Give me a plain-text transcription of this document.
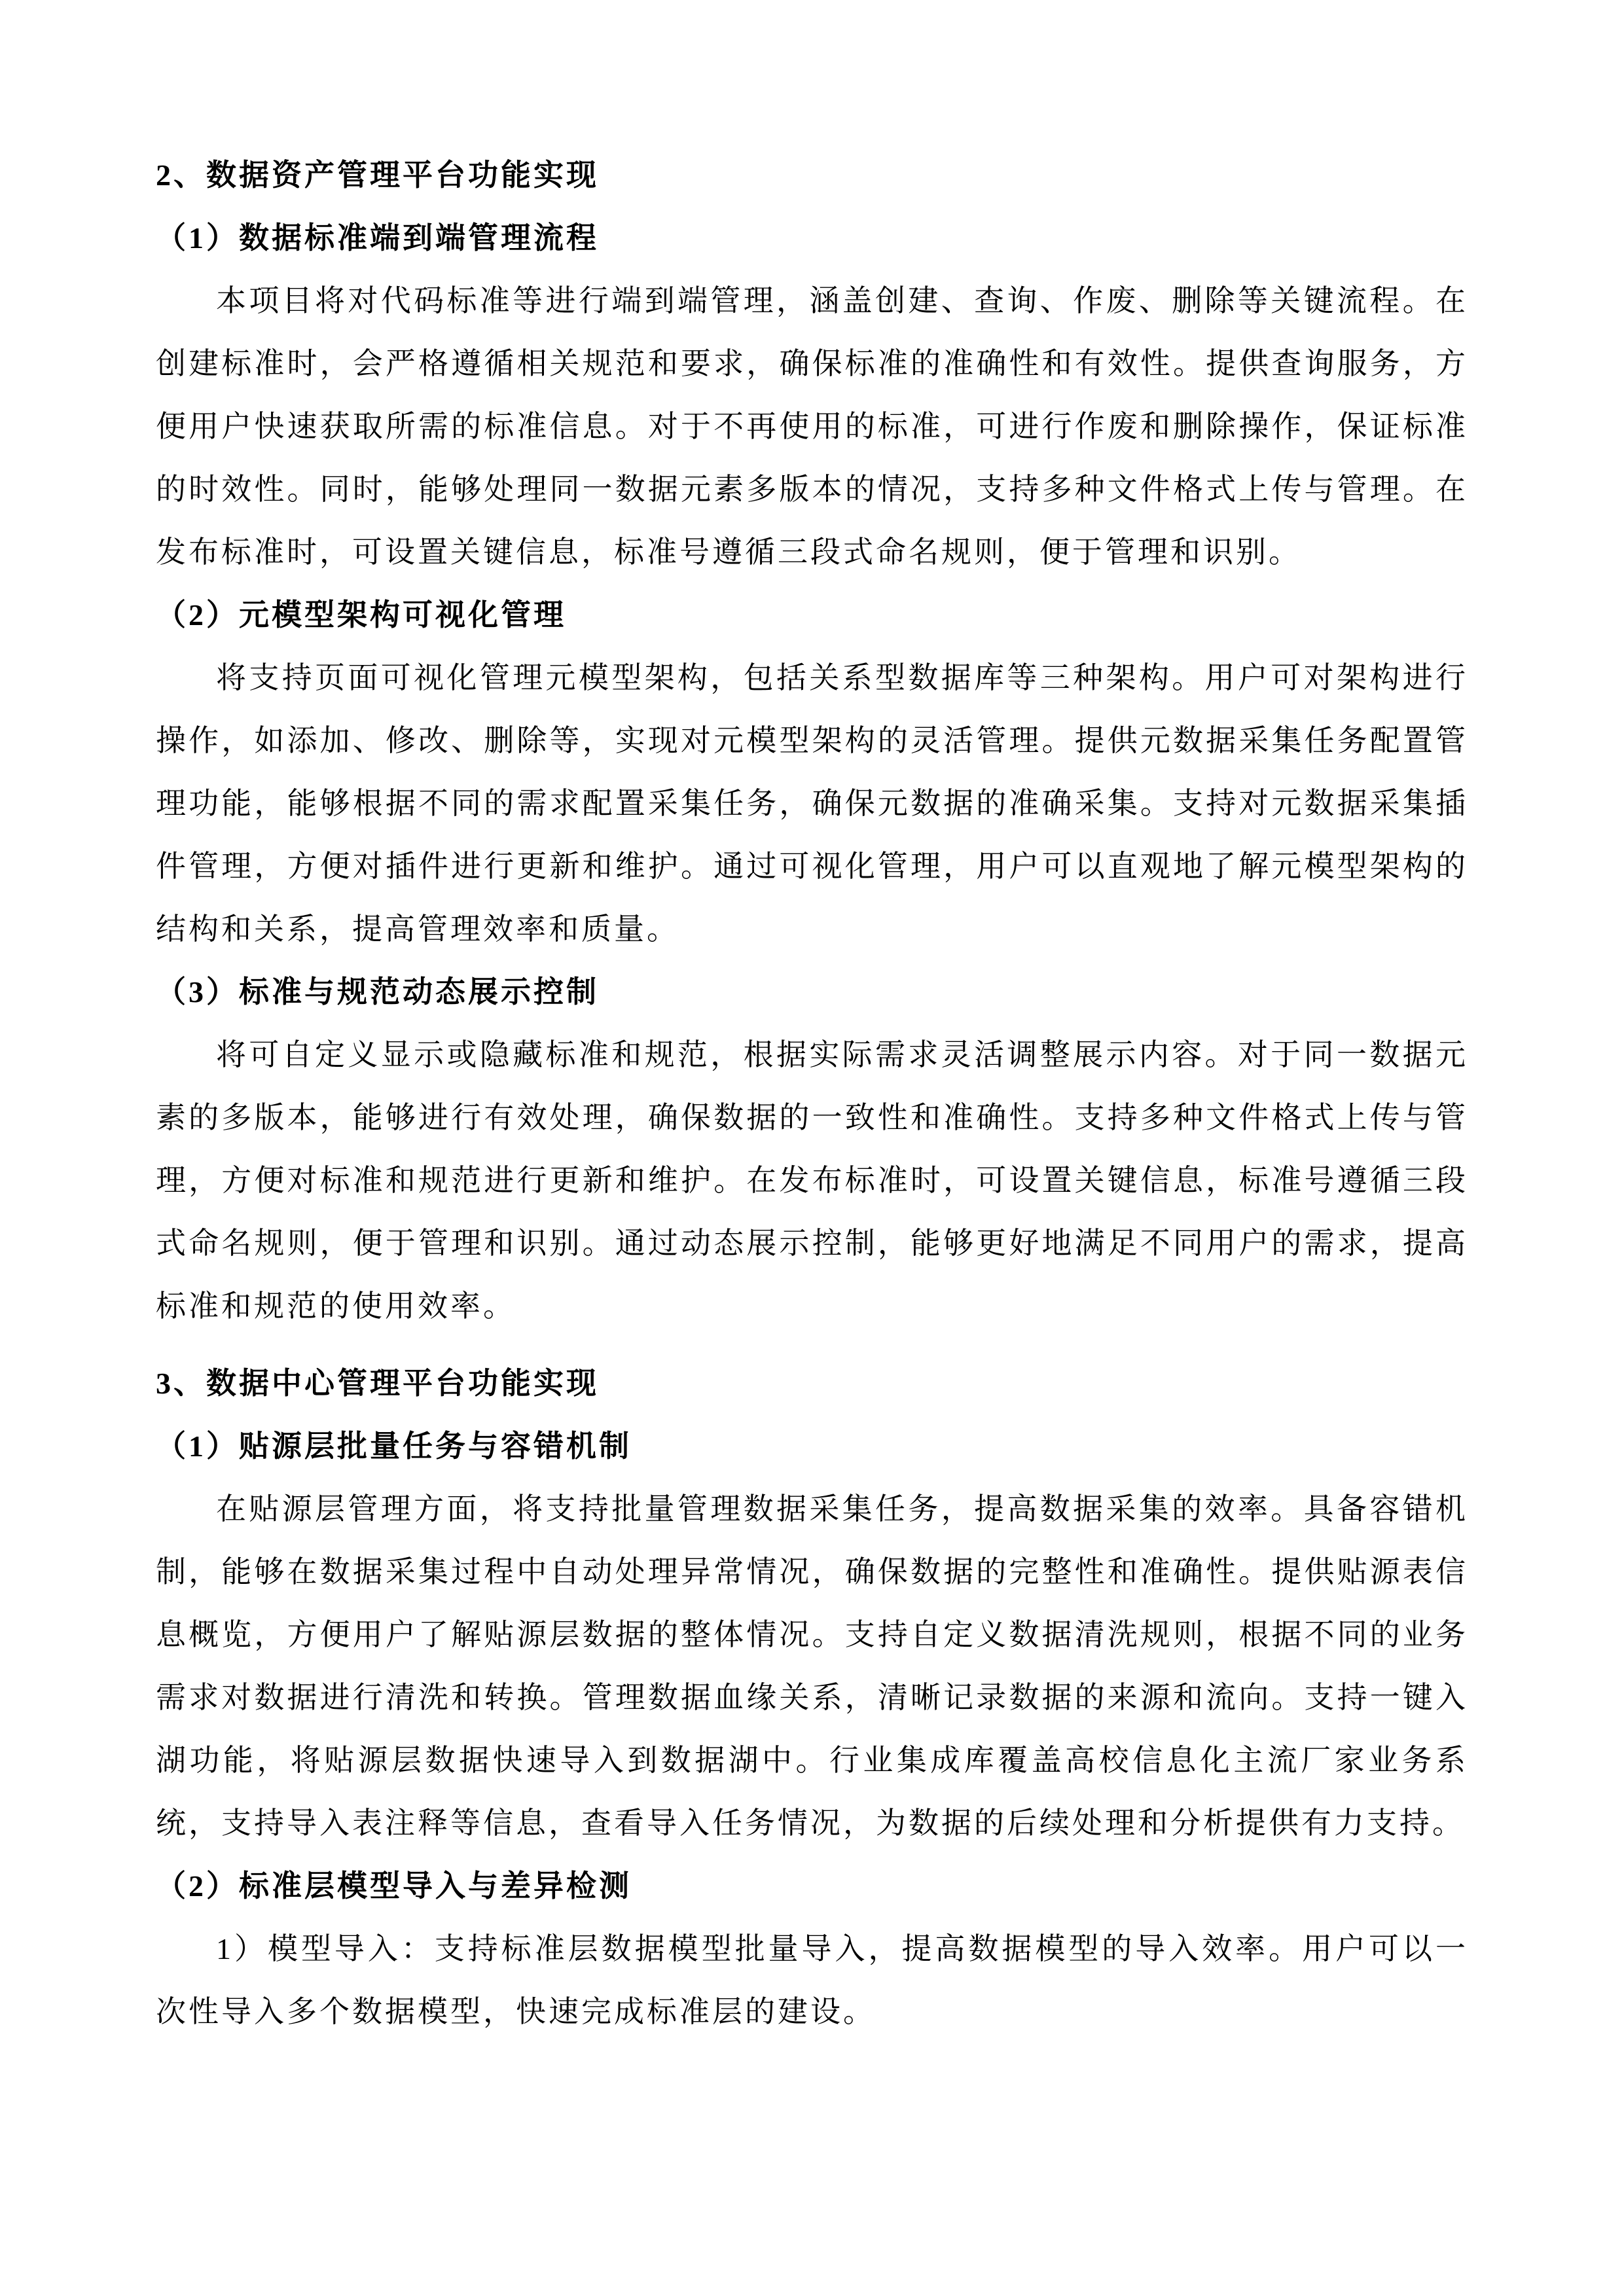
2、数据资产管理平台功能实现
（1）数据标准端到端管理流程
本项目将对代码标准等进行端到端管理，涵盖创建、查询、作废、删除等关键流程。在创建标准时，会严格遵循相关规范和要求，确保标准的准确性和有效性。提供查询服务，方便用户快速获取所需的标准信息。对于不再使用的标准，可进行作废和删除操作，保证标准的时效性。同时，能够处理同一数据元素多版本的情况，支持多种文件格式上传与管理。在发布标准时，可设置关键信息，标准号遵循三段式命名规则，便于管理和识别。
（2）元模型架构可视化管理
将支持页面可视化管理元模型架构，包括关系型数据库等三种架构。用户可对架构进行操作，如添加、修改、删除等，实现对元模型架构的灵活管理。提供元数据采集任务配置管理功能，能够根据不同的需求配置采集任务，确保元数据的准确采集。支持对元数据采集插件管理，方便对插件进行更新和维护。通过可视化管理，用户可以直观地了解元模型架构的结构和关系，提高管理效率和质量。
（3）标准与规范动态展示控制
将可自定义显示或隐藏标准和规范，根据实际需求灵活调整展示内容。对于同一数据元素的多版本，能够进行有效处理，确保数据的一致性和准确性。支持多种文件格式上传与管理，方便对标准和规范进行更新和维护。在发布标准时，可设置关键信息，标准号遵循三段式命名规则，便于管理和识别。通过动态展示控制，能够更好地满足不同用户的需求，提高标准和规范的使用效率。
3、数据中心管理平台功能实现
（1）贴源层批量任务与容错机制
在贴源层管理方面，将支持批量管理数据采集任务，提高数据采集的效率。具备容错机制，能够在数据采集过程中自动处理异常情况，确保数据的完整性和准确性。提供贴源表信息概览，方便用户了解贴源层数据的整体情况。支持自定义数据清洗规则，根据不同的业务需求对数据进行清洗和转换。管理数据血缘关系，清晰记录数据的来源和流向。支持一键入湖功能，将贴源层数据快速导入到数据湖中。行业集成库覆盖高校信息化主流厂家业务系统，支持导入表注释等信息，查看导入任务情况，为数据的后续处理和分析提供有力支持。
（2）标准层模型导入与差异检测
1）模型导入：支持标准层数据模型批量导入，提高数据模型的导入效率。用户可以一次性导入多个数据模型，快速完成标准层的建设。
